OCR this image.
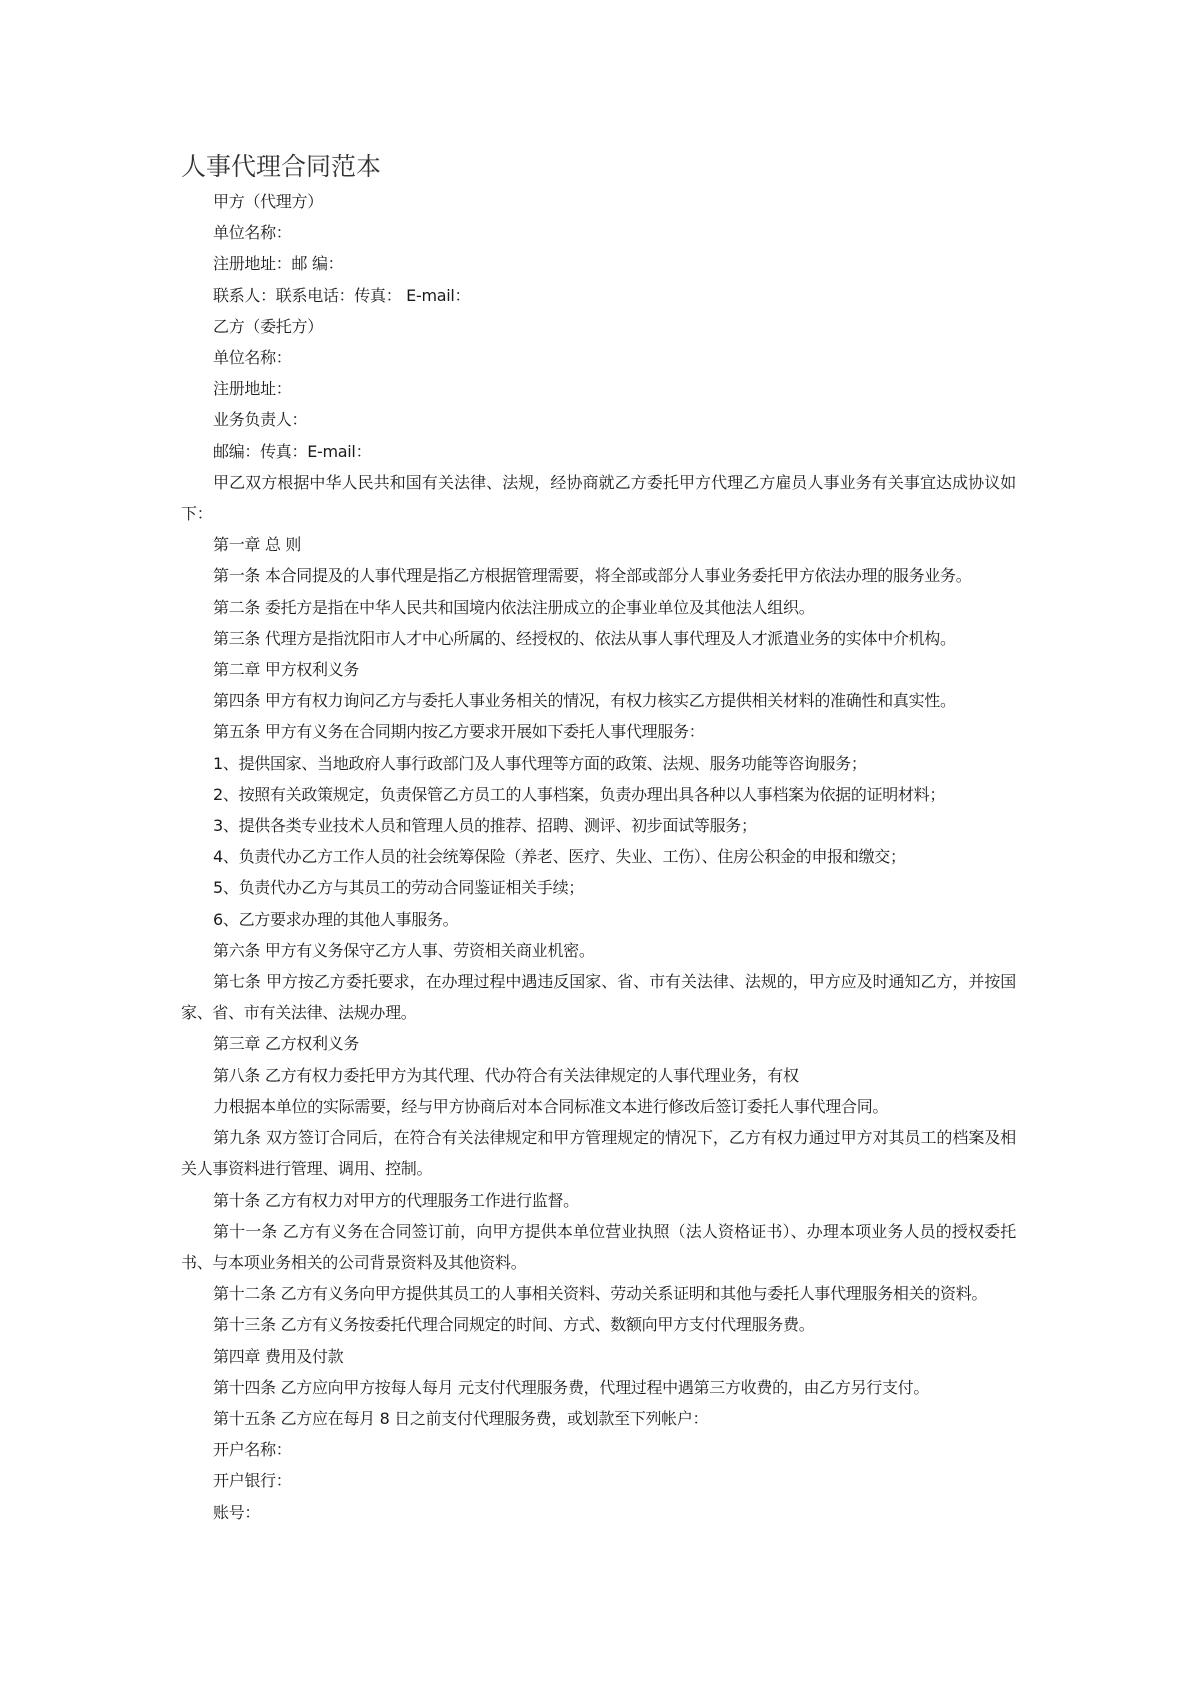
人事代理合同范本

甲方（代理方）

单位名称：

注册地址：邮 编：

联系人：联系电话：传真： E-mail：

乙方（委托方）

单位名称：

注册地址：

业务负责人：

邮编：传真：E-mail：

甲乙双方根据中华人民共和国有关法律、法规，经协商就乙方委托甲方代理乙方雇员人事业务有关事宜达成协议如下：

第一章 总 则

第一条 本合同提及的人事代理是指乙方根据管理需要，将全部或部分人事业务委托甲方依法办理的服务业务。

第二条 委托方是指在中华人民共和国境内依法注册成立的企事业单位及其他法人组织。

第三条 代理方是指沈阳市人才中心所属的、经授权的、依法从事人事代理及人才派遣业务的实体中介机构。

第二章 甲方权利义务

第四条 甲方有权力询问乙方与委托人事业务相关的情况，有权力核实乙方提供相关材料的准确性和真实性。

第五条 甲方有义务在合同期内按乙方要求开展如下委托人事代理服务：

1、提供国家、当地政府人事行政部门及人事代理等方面的政策、法规、服务功能等咨询服务；

2、按照有关政策规定，负责保管乙方员工的人事档案，负责办理出具各种以人事档案为依据的证明材料；

3、提供各类专业技术人员和管理人员的推荐、招聘、测评、初步面试等服务；

4、负责代办乙方工作人员的社会统筹保险（养老、医疗、失业、工伤）、住房公积金的申报和缴交；

5、负责代办乙方与其员工的劳动合同鉴证相关手续；

6、乙方要求办理的其他人事服务。

第六条 甲方有义务保守乙方人事、劳资相关商业机密。

第七条 甲方按乙方委托要求，在办理过程中遇违反国家、省、市有关法律、法规的，甲方应及时通知乙方，并按国家、省、市有关法律、法规办理。

第三章 乙方权利义务

第八条 乙方有权力委托甲方为其代理、代办符合有关法律规定的人事代理业务，有权

力根据本单位的实际需要，经与甲方协商后对本合同标准文本进行修改后签订委托人事代理合同。

第九条 双方签订合同后，在符合有关法律规定和甲方管理规定的情况下，乙方有权力通过甲方对其员工的档案及相关人事资料进行管理、调用、控制。

第十条 乙方有权力对甲方的代理服务工作进行监督。

第十一条 乙方有义务在合同签订前，向甲方提供本单位营业执照（法人资格证书）、办理本项业务人员的授权委托书、与本项业务相关的公司背景资料及其他资料。

第十二条 乙方有义务向甲方提供其员工的人事相关资料、劳动关系证明和其他与委托人事代理服务相关的资料。

第十三条 乙方有义务按委托代理合同规定的时间、方式、数额向甲方支付代理服务费。

第四章 费用及付款

第十四条 乙方应向甲方按每人每月 元支付代理服务费，代理过程中遇第三方收费的，由乙方另行支付。

第十五条 乙方应在每月 8 日之前支付代理服务费，或划款至下列帐户：

开户名称：

开户银行：

账号：
